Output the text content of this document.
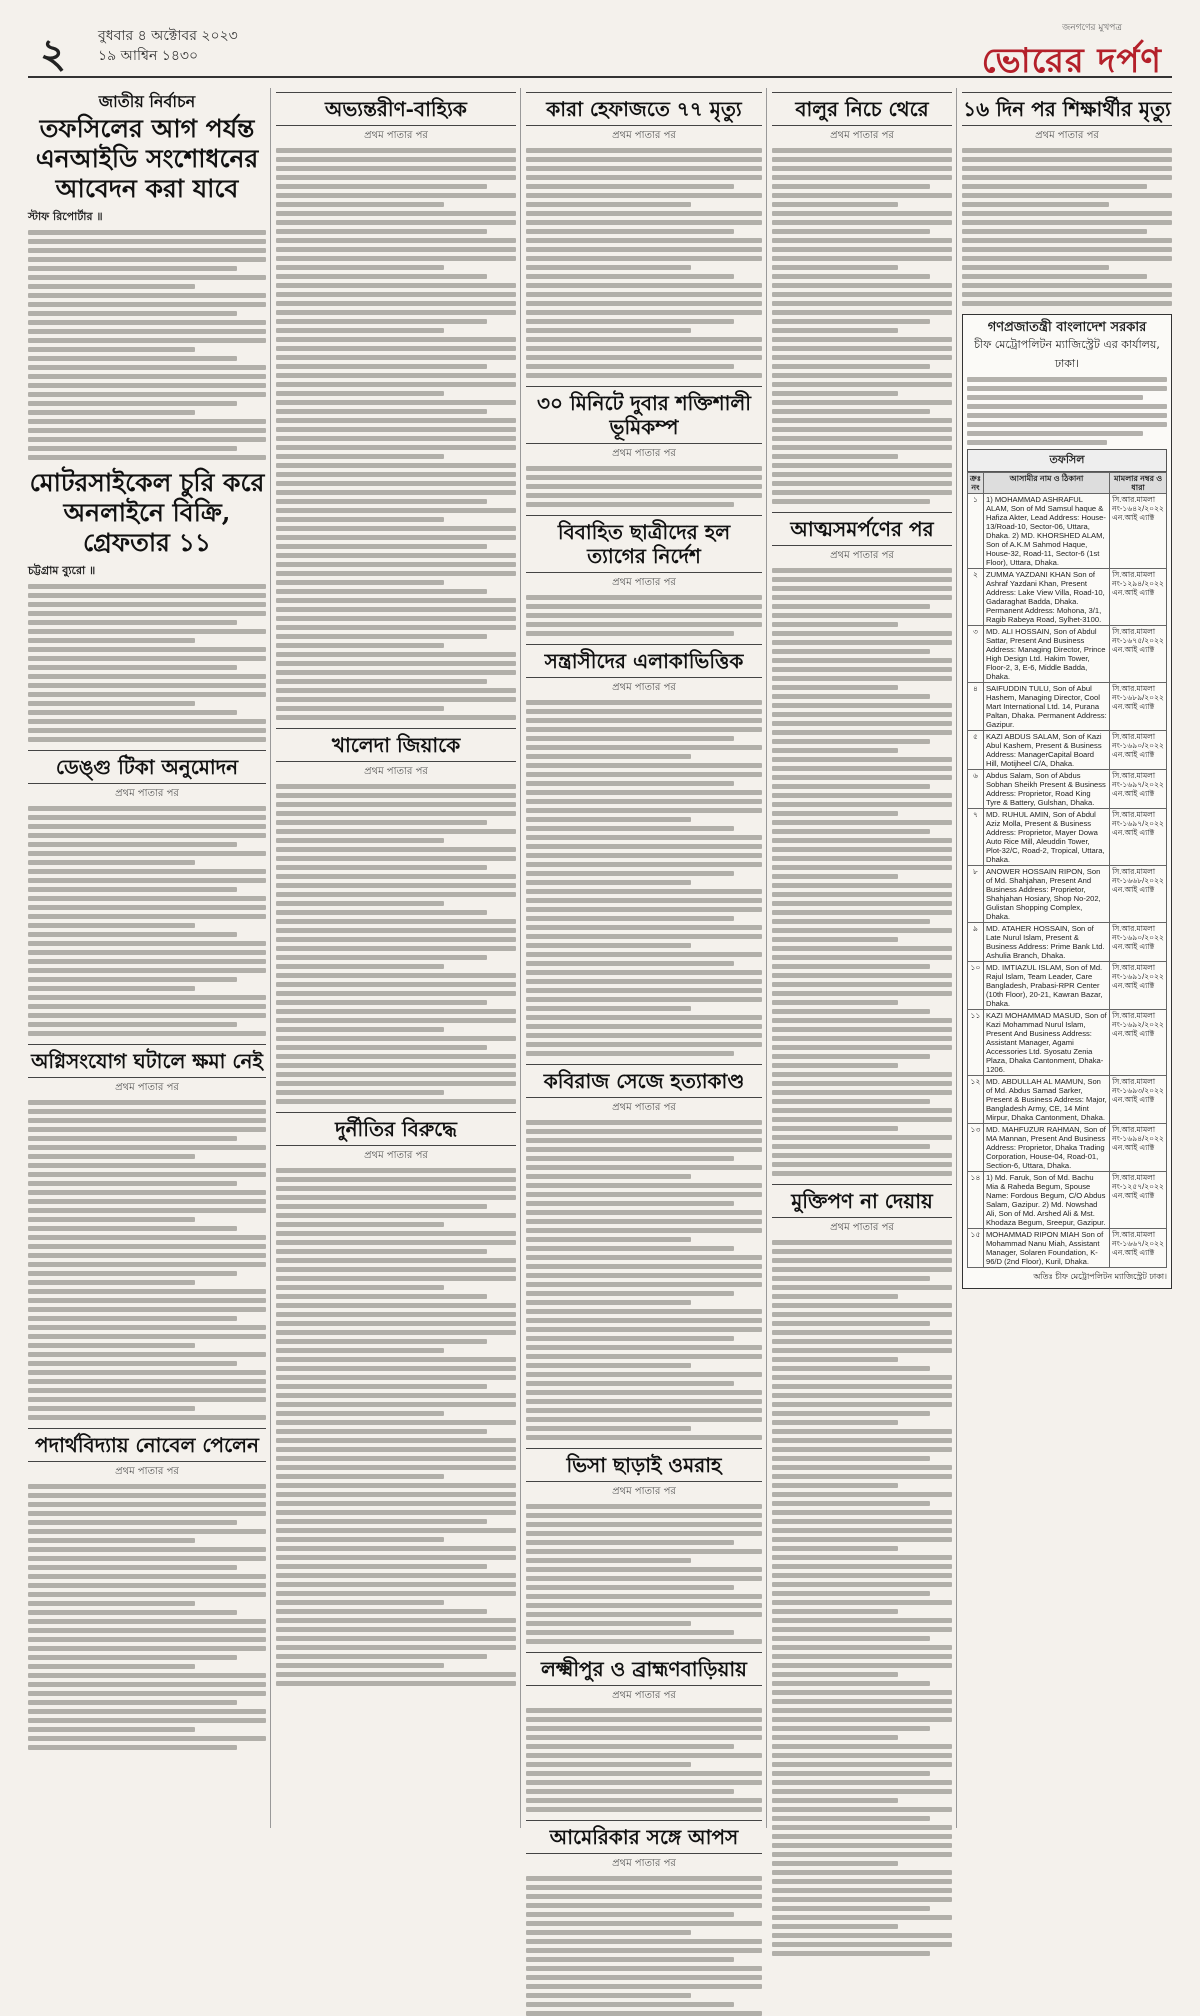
২ বুধবার ৪ অক্টোবর ২০২৩
১৯ আশ্বিন ১৪৩০
জনগণের মুখপত্র
ভোরের দর্পণ
জাতীয় নির্বাচন
তফসিলের আগ পর্যন্ত এনআইডি সংশোধনের আবেদন করা যাবে
স্টাফ রিপোর্টার ॥
মোটরসাইকেল চুরি করে অনলাইনে বিক্রি, গ্রেফতার ১১
চট্টগ্রাম ব্যুরো ॥
ডেঙ্গু টিকা অনুমোদন
প্রথম পাতার পর
অগ্নিসংযোগ ঘটালে ক্ষমা নেই
প্রথম পাতার পর
পদার্থবিদ্যায় নোবেল পেলেন
প্রথম পাতার পর
অভ্যন্তরীণ-বাহ্যিক
প্রথম পাতার পর
খালেদা জিয়াকে
প্রথম পাতার পর
দুর্নীতির বিরুদ্ধে
প্রথম পাতার পর
কারা হেফাজতে ৭৭ মৃত্যু
প্রথম পাতার পর
৩০ মিনিটে দুবার শক্তিশালী ভূমিকম্প
প্রথম পাতার পর
বিবাহিত ছাত্রীদের হল ত্যাগের নির্দেশ
প্রথম পাতার পর
সন্ত্রাসীদের এলাকাভিত্তিক
প্রথম পাতার পর
কবিরাজ সেজে হত্যাকাণ্ড
প্রথম পাতার পর
ভিসা ছাড়াই ওমরাহ
প্রথম পাতার পর
লক্ষ্মীপুর ও ব্রাহ্মণবাড়িয়ায়
প্রথম পাতার পর
আমেরিকার সঙ্গে আপস
প্রথম পাতার পর
বালুর নিচে থেরে
প্রথম পাতার পর
আত্মসমর্পণের পর
প্রথম পাতার পর
মুক্তিপণ না দেয়ায়
প্রথম পাতার পর
১৬ দিন পর শিক্ষার্থীর মৃত্যু
প্রথম পাতার পর
গণপ্রজাতন্ত্রী বাংলাদেশ সরকার
চীফ মেট্রোপলিটন ম্যাজিস্ট্রেট এর কার্যালয়, ঢাকা।
তফসিল
ক্রঃ নং	আসামীর নাম ও ঠিকানা	মামলার নম্বর ও ধারা
১	1) MOHAMMAD ASHRAFUL ALAM, Son of Md Samsul haque & Hafiza Akter, Lead Address: House-13/Road-10, Sector-06, Uttara, Dhaka. 2) MD. KHORSHED ALAM, Son of A.K.M Sahmod Haque, House-32, Road-11, Sector-6 (1st Floor), Uttara, Dhaka.	সি.আর.মামলা নং-১৬৪২/২০২২ এন.আই এ্যাক্ট
২	ZUMMA YAZDANI KHAN Son of Ashraf Yazdani Khan, Present Address: Lake View Villa, Road-10, Gadaraghat Badda, Dhaka. Permanent Address: Mohona, 3/1, Ragib Rabeya Road, Sylhet-3100.	সি.আর.মামলা নং-১২৯৪/২০২২ এন.আই এ্যাক্ট
৩	MD. ALI HOSSAIN, Son of Abdul Sattar, Present And Business Address: Managing Director, Prince High Design Ltd. Hakim Tower, Floor-2, 3, E-6, Middle Badda, Dhaka.	সি.আর.মামলা নং-১৬৭৫/২০২২ এন.আই এ্যাক্ট
৪	SAIFUDDIN TULU, Son of Abul Hashem, Managing Director, Cool Mart International Ltd. 14, Purana Paltan, Dhaka. Permanent Address: Gazipur.	সি.আর.মামলা নং-১৬৮৯/২০২২ এন.আই এ্যাক্ট
৫	KAZI ABDUS SALAM, Son of Kazi Abul Kashem, Present & Business Address: ManagerCapital Board Hill, Motijheel C/A, Dhaka.	সি.আর.মামলা নং-১৬৯০/২০২২ এন.আই এ্যাক্ট
৬	Abdus Salam, Son of Abdus Sobhan Sheikh Present & Business Address: Proprietor, Road King Tyre & Battery, Gulshan, Dhaka.	সি.আর.মামলা নং-১৬৯৭/২০২২ এন.আই এ্যাক্ট
৭	MD. RUHUL AMIN, Son of Abdul Aziz Molla, Present & Business Address: Proprietor, Mayer Dowa Auto Rice Mill, Aleuddin Tower, Plot-32/C, Road-2, Tropical, Uttara, Dhaka.	সি.আর.মামলা নং-১৬৯৭/২০২২ এন.আই এ্যাক্ট
৮	ANOWER HOSSAIN RIPON, Son of Md. Shahjahan, Present And Business Address: Proprietor, Shahjahan Hosiary, Shop No-202, Gulistan Shopping Complex, Dhaka.	সি.আর.মামলা নং-১৬৬৮/২০২২ এন.আই এ্যাক্ট
৯	MD. ATAHER HOSSAIN, Son of Late Nurul Islam, Present & Business Address: Prime Bank Ltd. Ashulia Branch, Dhaka.	সি.আর.মামলা নং-১৬৯০/২০২২ এন.আই এ্যাক্ট
১০	MD. IMTIAZUL ISLAM, Son of Md. Rajul Islam, Team Leader, Care Bangladesh, Prabasi-RPR Center (10th Floor), 20-21, Kawran Bazar, Dhaka.	সি.আর.মামলা নং-১৬৯১/২০২২ এন.আই এ্যাক্ট
১১	KAZI MOHAMMAD MASUD, Son of Kazi Mohammad Nurul Islam, Present And Business Address: Assistant Manager, Agami Accessories Ltd. Syosatu Zenia Plaza, Dhaka Cantonment, Dhaka-1206.	সি.আর.মামলা নং-১৬৯২/২০২২ এন.আই এ্যাক্ট
১২	MD. ABDULLAH AL MAMUN, Son of Md. Abdus Samad Sarker, Present & Business Address: Major, Bangladesh Army, CE, 14 Mint Mirpur, Dhaka Cantonment, Dhaka.	সি.আর.মামলা নং-১৬৯৩/২০২২ এন.আই এ্যাক্ট
১৩	MD. MAHFUZUR RAHMAN, Son of MA Mannan, Present And Business Address: Proprietor, Dhaka Trading Corporation, House-04, Road-01, Section-6, Uttara, Dhaka.	সি.আর.মামলা নং-১৬৯৪/২০২২ এন.আই এ্যাক্ট
১৪	1) Md. Faruk, Son of Md. Bachu Mia & Raheda Begum, Spouse Name: Fordous Begum, C/O Abdus Salam, Gazipur. 2) Md. Nowshad Ali, Son of Md. Arshed Ali & Mst. Khodaza Begum, Sreepur, Gazipur.	সি.আর.মামলা নং-১২৫৭/২০২২ এন.আই এ্যাক্ট
১৫	MOHAMMAD RIPON MIAH Son of Mohammad Nanu Miah, Assistant Manager, Solaren Foundation, K-96/D (2nd Floor), Kuril, Dhaka.	সি.আর.মামলা নং-১৬৬৭/২০২২ এন.আই এ্যাক্ট
অতিঃ চীফ মেট্রোপলিটন ম্যাজিস্ট্রেট ঢাকা।
